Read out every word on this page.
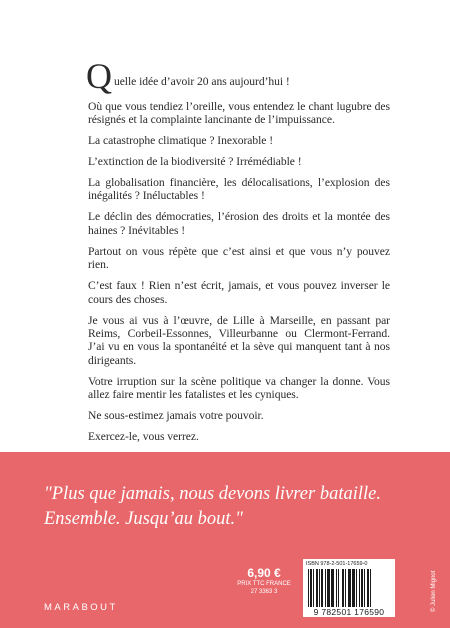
Q uelle idée d’avoir 20 ans aujourd’hui !

Où que vous tendiez l’oreille, vous entendez le chant lugubre des résignés et la complainte lancinante de l’impuissance.

La catastrophe climatique ? Inexorable !

L’extinction de la biodiversité ? Irrémédiable !

La globalisation financière, les délocalisations, l’explosion des inégalités ? Inéluctables !

Le déclin des démocraties, l’érosion des droits et la montée des haines ? Inévitables !

Partout on vous répète que c’est ainsi et que vous n’y pouvez rien.

C’est faux ! Rien n’est écrit, jamais, et vous pouvez inverser le cours des choses.

Je vous ai vus à l’œuvre, de Lille à Marseille, en passant par Reims, Corbeil-Essonnes, Villeurbanne ou Clermont-Ferrand. J’ai vu en vous la spontanéité et la sève qui manquent tant à nos dirigeants.

Votre irruption sur la scène politique va changer la donne. Vous allez faire mentir les fatalistes et les cyniques.

Ne sous-estimez jamais votre pouvoir.

Exercez-le, vous verrez.

"Plus que jamais, nous devons livrer bataille.
Ensemble. Jusqu’au bout."
6,90 €
PRIX TTC FRANCE
27 3363 3
ISBN 978-2-501-17659-0
9 782501 176590
MARABOUT	© Julien Mignot
